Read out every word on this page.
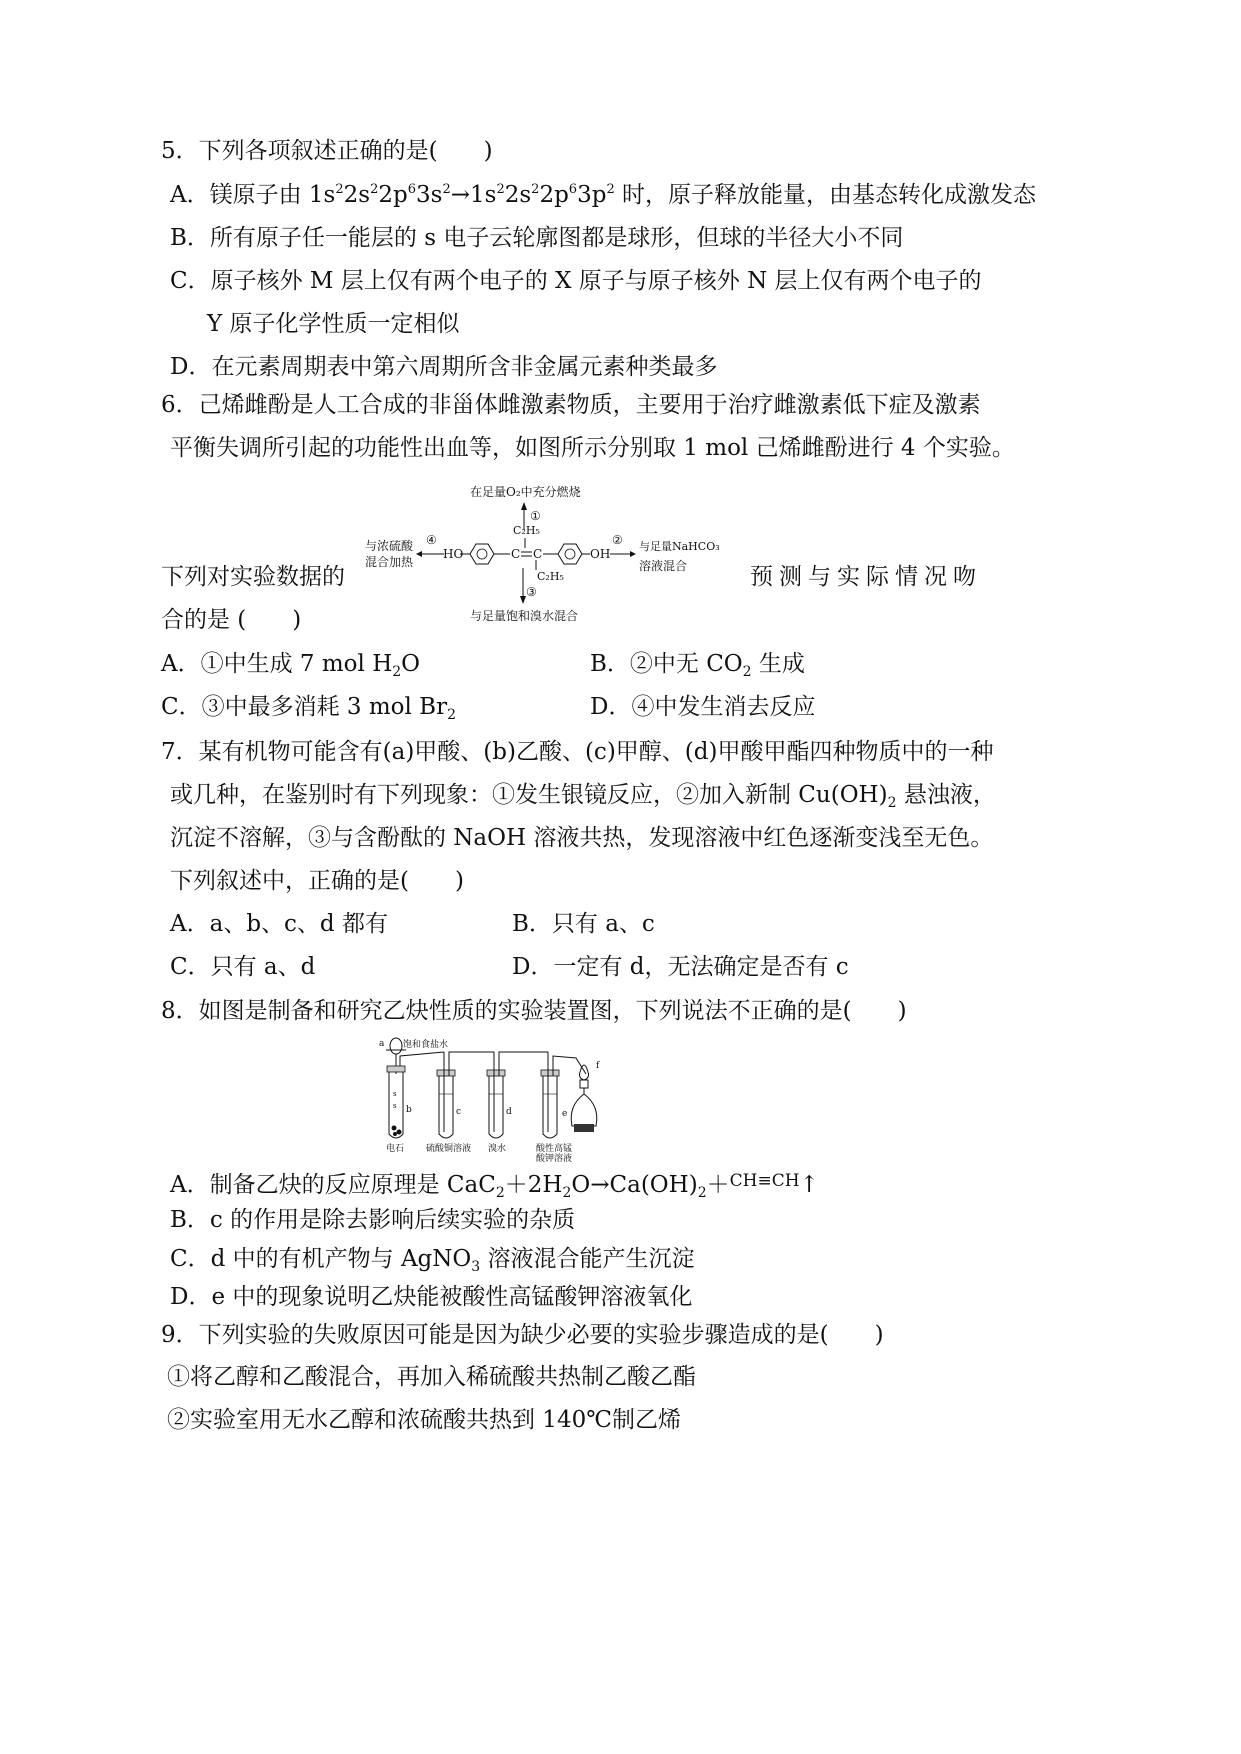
5．下列各项叙述正确的是(　　)
A．镁原子由 $1s^22s^22p^63s^2\to 1s^22s^22p^63p^2$ 时，原子释放能量，由基态转化成激发态
B．所有原子任一能层的 s 电子云轮廓图都是球形，但球的半径大小不同
C．原子核外 M 层上仅有两个电子的 X 原子与原子核外 N 层上仅有两个电子的
Y 原子化学性质一定相似
D．在元素周期表中第六周期所含非金属元素种类最多
6．己烯雌酚是人工合成的非甾体雌激素物质，主要用于治疗雌激素低下症及激素
平衡失调所引起的功能性出血等，如图所示分别取 1 mol 己烯雌酚进行 4 个实验。
在足量O₂中充分燃烧
①
C₂H₅
与浓硫酸
混合加热
④
HO	C C	OH
② 与足量NaHCO₃
溶液混合
C₂H₅
③
与足量饱和溴水混合
下列对实验数据的	预测与实际情况吻
合的是 (　　)
A．①中生成 7 mol $H_2O$	B．②中无 $CO_2$ 生成
C．③中最多消耗 3 mol $Br_2$	D．④中发生消去反应
7．某有机物可能含有(a)甲酸、(b)乙酸、(c)甲醇、(d)甲酸甲酯四种物质中的一种
或几种，在鉴别时有下列现象：①发生银镜反应，②加入新制 $Cu(OH)_2$ 悬浊液，
沉淀不溶解，③与含酚酞的 NaOH 溶液共热，发现溶液中红色逐渐变浅至无色。
下列叙述中，正确的是(　　)
A．a、b、c、d 都有	B．只有 a、c
C．只有 a、d	D．一定有 d，无法确定是否有 c
8．如图是制备和研究乙炔性质的实验装置图，下列说法不正确的是(　　)
a 饱和食盐水
s
s b	c	d	e
f
电石 硫酸铜溶液 溴水	酸性高锰
酸钾溶液
A．制备乙炔的反应原理是 $CaC_2+2H_2O\to Ca(OH)_2+^{CH\equiv CH}↑$
B．c 的作用是除去影响后续实验的杂质
C．d 中的有机产物与 AgNO$_3$ 溶液混合能产生沉淀
D．e 中的现象说明乙炔能被酸性高锰酸钾溶液氧化
9．下列实验的失败原因可能是因为缺少必要的实验步骤造成的是(　　)
①将乙醇和乙酸混合，再加入稀硫酸共热制乙酸乙酯
②实验室用无水乙醇和浓硫酸共热到 140℃制乙烯
